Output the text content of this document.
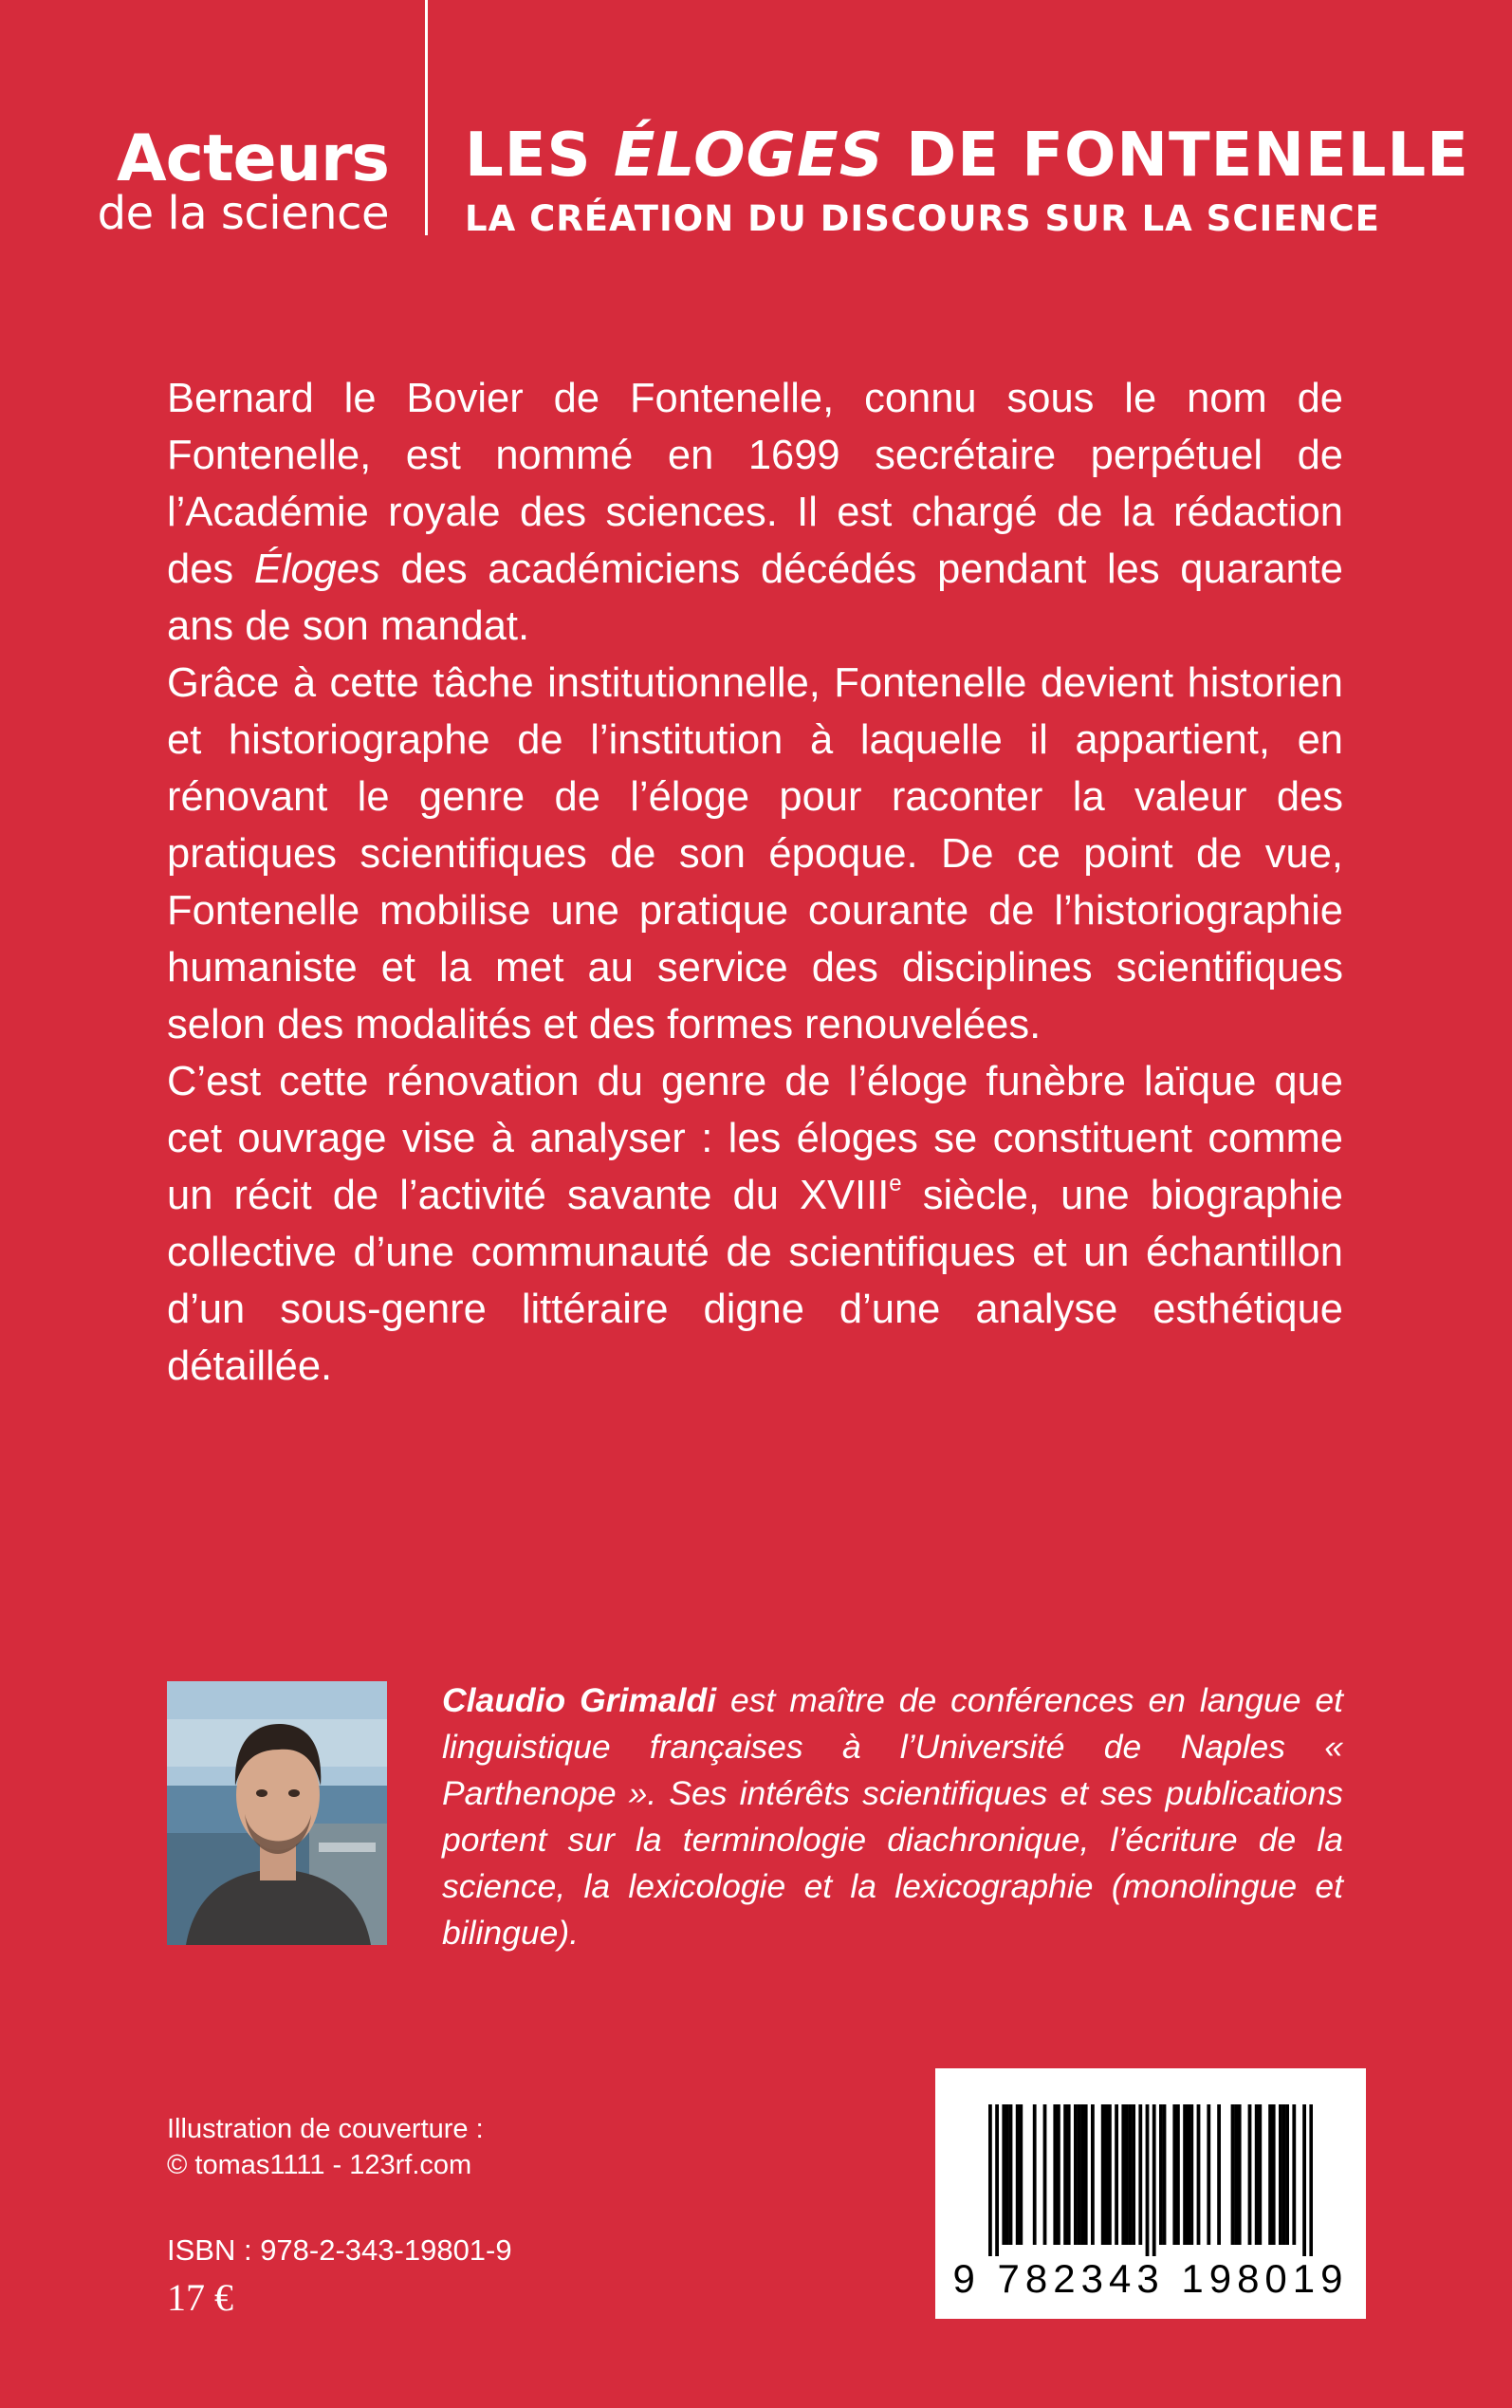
Acteurs
de la science
LES ÉLOGES DE FONTENELLE
LA CRÉATION DU DISCOURS SUR LA SCIENCE

Bernard le Bovier de Fontenelle, connu sous le nom de Fontenelle, est nommé en 1699 secrétaire perpétuel de l’Académie royale des sciences. Il est chargé de la rédaction des Éloges des académiciens décédés pendant les quarante ans de son mandat.

Grâce à cette tâche institutionnelle, Fontenelle devient historien et historiographe de l’institution à laquelle il appartient, en rénovant le genre de l’éloge pour raconter la valeur des pratiques scientifiques de son époque. De ce point de vue, Fontenelle mobilise une pratique courante de l’historiographie humaniste et la met au service des disciplines scientifiques selon des modalités et des formes renouvelées.

C’est cette rénovation du genre de l’éloge funèbre laïque que cet ouvrage vise à analyser : les éloges se constituent comme un récit de l’activité savante du XVIIIe siècle, une biographie collective d’une communauté de scientifiques et un échantillon d’un sous-genre littéraire digne d’une analyse esthétique détaillée.

Claudio Grimaldi est maître de conférences en langue et linguistique françaises à l’Université de Naples « Parthenope ». Ses intérêts scientifiques et ses publications portent sur la terminologie diachronique, l’écriture de la science, la lexicologie et la lexicographie (monolingue et bilingue).

Illustration de couverture :
© tomas1111 - 123rf.com
ISBN : 978-2-343-19801-9
17 €	9 782343 198019
